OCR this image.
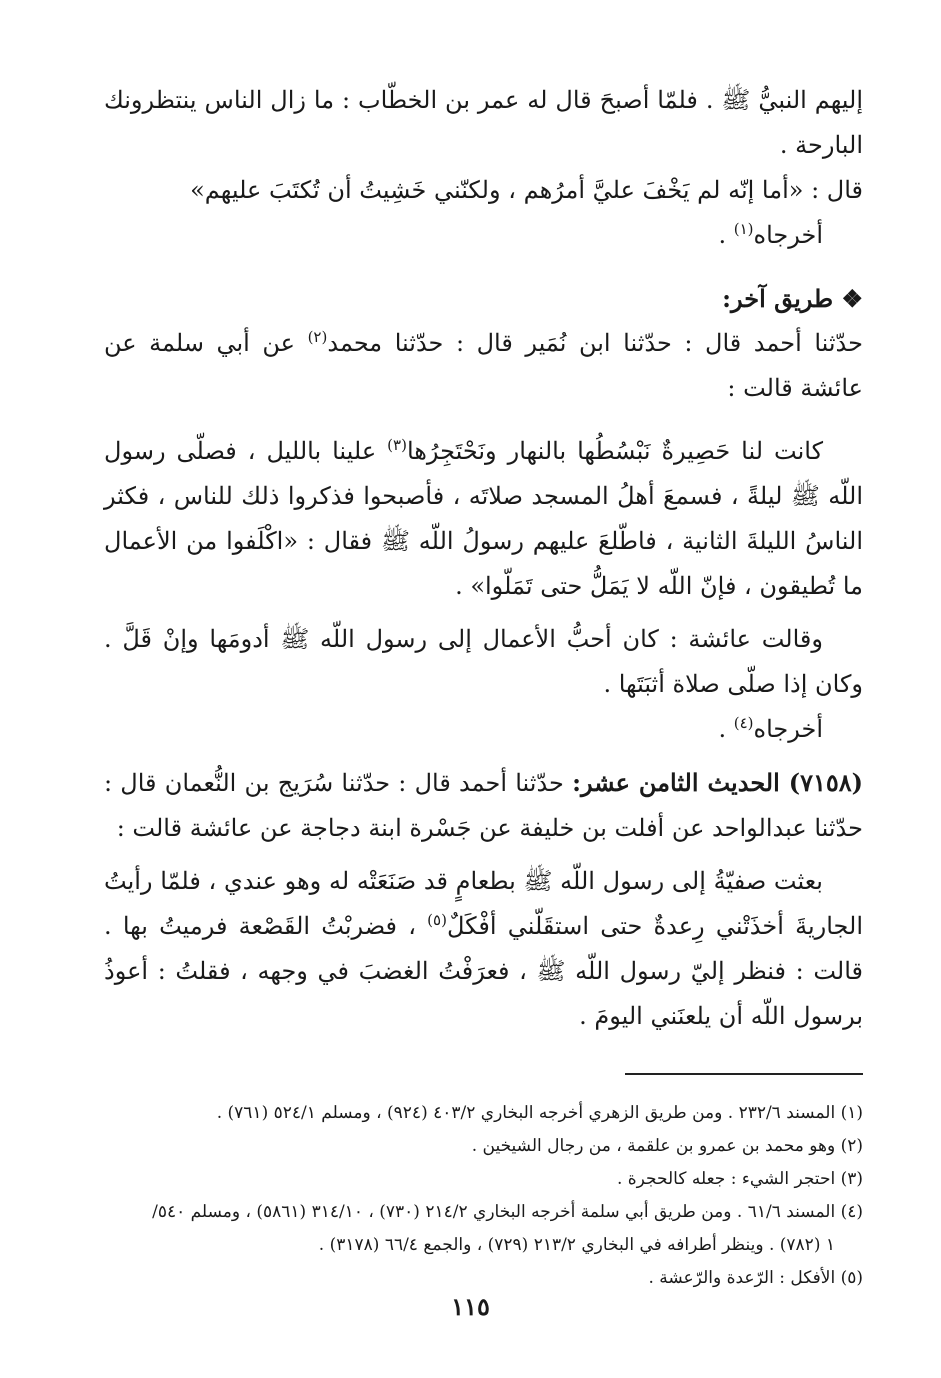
إليهم النبيُّ ﷺ . فلمّا أصبحَ قال له عمر بن الخطّاب : ما زال الناس ينتظرونك البارحة .

قال : «أما إنّه لم يَخْفَ عليَّ أمرُهم ، ولكنّني خَشِيتُ أن تُكتَبَ عليهم»

أخرجاه$^{(١)}$ .

❖ طريق آخر:

حدّثنا أحمد قال : حدّثنا ابن نُمَير قال : حدّثنا محمد$^{(٢)}$ عن أبي سلمة عن عائشة قالت :

كانت لنا حَصِيرةٌ نَبْسُطُها بالنهار ونَحْتَجِرُها$^{(٣)}$ علينا بالليل ، فصلّى رسول اللّه ﷺ ليلةً ، فسمعَ أهلُ المسجد صلاتَه ، فأصبحوا فذكروا ذلك للناس ، فكثر الناسُ الليلةَ الثانية ، فاطّلعَ عليهم رسولُ اللّه ﷺ فقال : «اكْلَفوا من الأعمال ما تُطيقون ، فإنّ اللّه لا يَمَلُّ حتى تَمَلّوا» .

وقالت عائشة : كان أحبُّ الأعمال إلى رسول اللّه ﷺ أدومَها وإنْ قَلَّ . وكان إذا صلّى صلاة أثبَتَها .

أخرجاه$^{(٤)}$ .

(٧١٥٨) الحديث الثامن عشر: حدّثنا أحمد قال : حدّثنا سُرَيج بن النُّعمان قال : حدّثنا عبدالواحد عن أفلت بن خليفة عن جَسْرة ابنة دجاجة عن عائشة قالت :

بعثت صفيّةُ إلى رسول اللّه ﷺ بطعامٍ قد صَنَعَتْه له وهو عندي ، فلمّا رأيتُ الجاريةَ أخذَتْني رِعدةٌ حتى استقَلّني أفْكَلٌ$^{(٥)}$ ، فضربْتُ القَصْعة فرميتُ بها . قالت : فنظر إليّ رسول اللّه ﷺ ، فعرَفْتُ الغضبَ في وجهه ، فقلتُ : أعوذُ برسول اللّه أن يلعنَني اليومَ .

(١) المسند ٢٣٢/٦ . ومن طريق الزهري أخرجه البخاري ٤٠٣/٢ (٩٢٤) ، ومسلم ٥٢٤/١ (٧٦١) .

(٢) وهو محمد بن عمرو بن علقمة ، من رجال الشيخين .

(٣) احتجر الشيء : جعله كالحجرة .

(٤) المسند ٦١/٦ . ومن طريق أبي سلمة أخرجه البخاري ٢١٤/٢ (٧٣٠) ، ٣١٤/١٠ (٥٨٦١) ، ومسلم ٥٤٠/

١ (٧٨٢) . وينظر أطرافه في البخاري ٢١٣/٢ (٧٢٩) ، والجمع ٦٦/٤ (٣١٧٨) .

(٥) الأفكل : الرّعدة والرّعشة .

١١٥
